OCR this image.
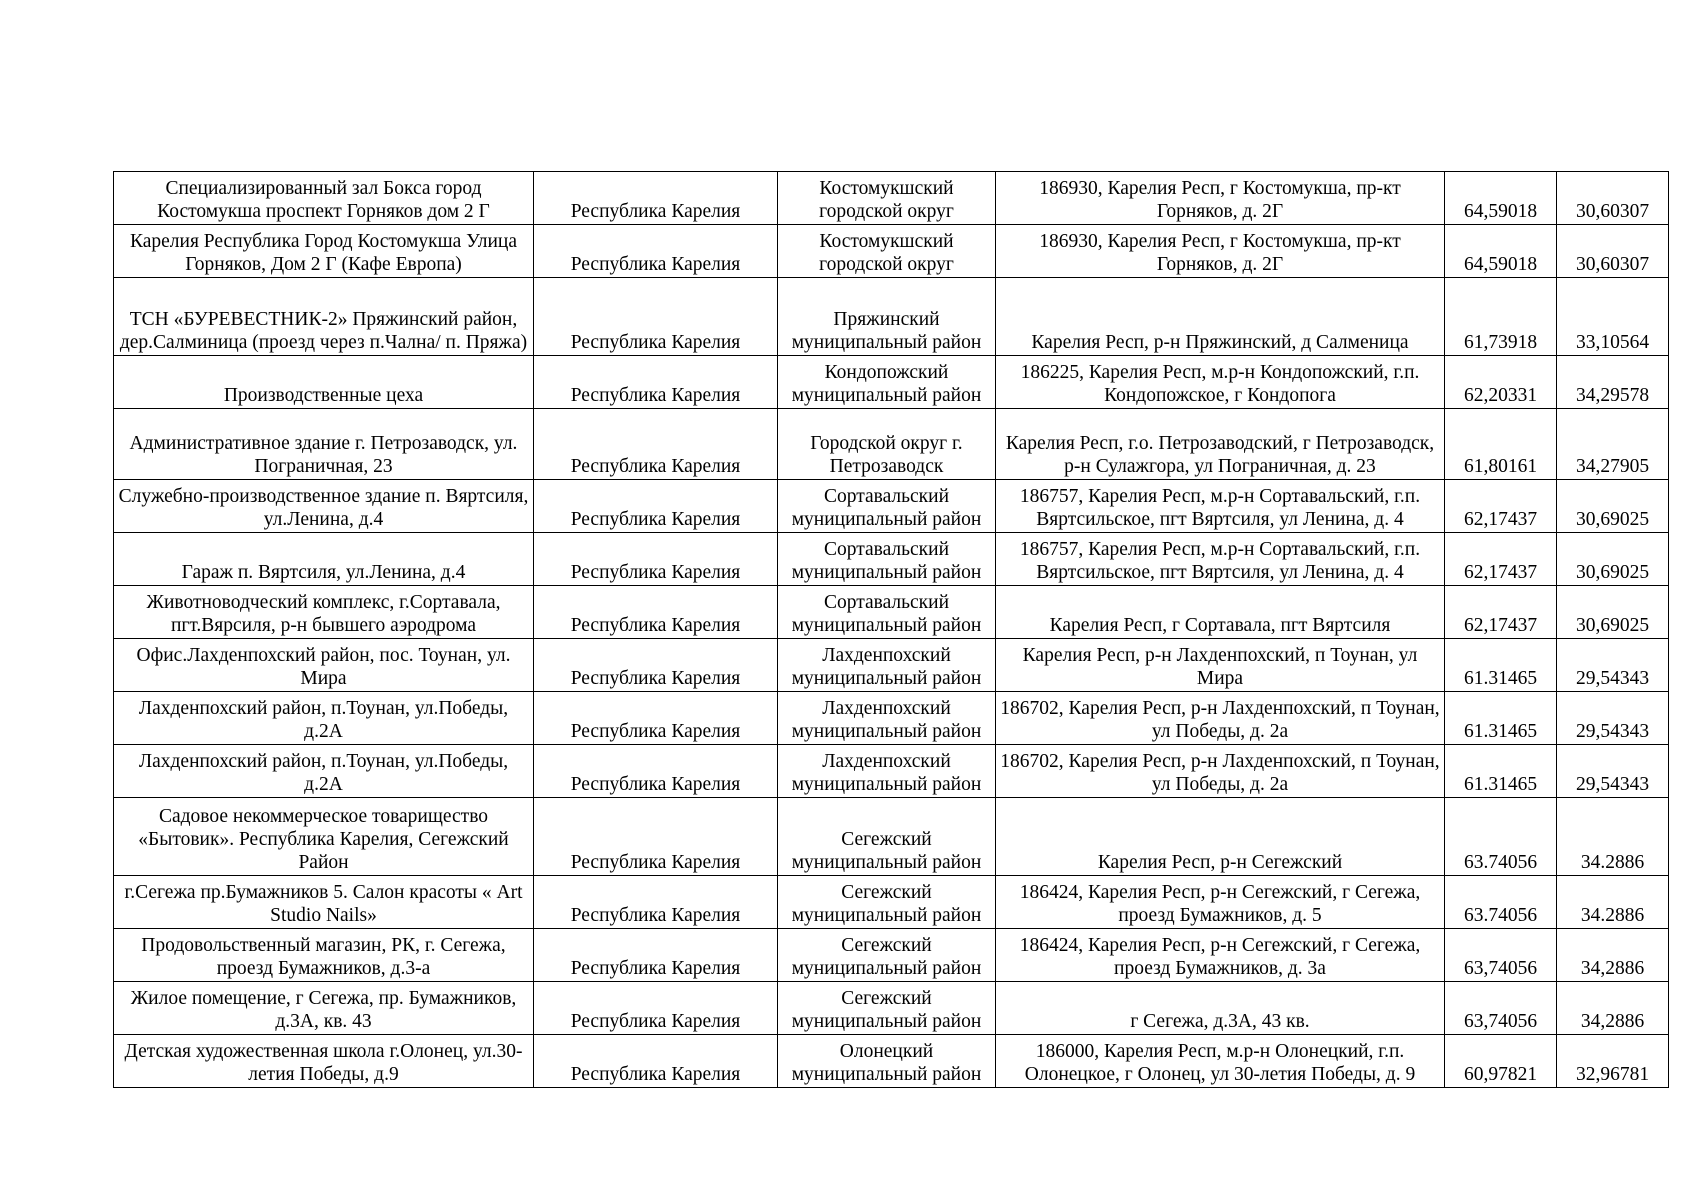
Специализированный зал Бокса город Костомукша проспект Горняков дом 2 Г	Республика Карелия	Костомукшский городской округ	186930, Карелия Респ, г Костомукша, пр-кт Горняков, д. 2Г	64,59018	30,60307
Карелия Республика Город Костомукша Улица Горняков, Дом 2 Г (Кафе Европа)	Республика Карелия	Костомукшский городской округ	186930, Карелия Респ, г Костомукша, пр-кт Горняков, д. 2Г	64,59018	30,60307
ТСН «БУРЕВЕСТНИК-2» Пряжинский район, дер.Салминица (проезд через п.Чална/ п. Пряжа)	Республика Карелия	Пряжинский муниципальный район	Карелия Респ, р-н Пряжинский, д Салменица	61,73918	33,10564
Производственные цеха	Республика Карелия	Кондопожский муниципальный район	186225, Карелия Респ, м.р-н Кондопожский, г.п. Кондопожское, г Кондопога	62,20331	34,29578
Административное здание г. Петрозаводск, ул. Пограничная, 23	Республика Карелия	Городской округ г. Петрозаводск	Карелия Респ, г.о. Петрозаводский, г Петрозаводск, р-н Сулажгора, ул Пограничная, д. 23	61,80161	34,27905
Служебно-производственное здание п. Вяртсиля, ул.Ленина, д.4	Республика Карелия	Сортавальский муниципальный район	186757, Карелия Респ, м.р-н Сортавальский, г.п. Вяртсильское, пгт Вяртсиля, ул Ленина, д. 4	62,17437	30,69025
Гараж п. Вяртсиля, ул.Ленина, д.4	Республика Карелия	Сортавальский муниципальный район	186757, Карелия Респ, м.р-н Сортавальский, г.п. Вяртсильское, пгт Вяртсиля, ул Ленина, д. 4	62,17437	30,69025
Животноводческий комплекс, г.Сортавала, пгт.Вярсиля, р-н бывшего аэродрома	Республика Карелия	Сортавальский муниципальный район	Карелия Респ, г Сортавала, пгт Вяртсиля	62,17437	30,69025
Офис.Лахденпохский район, пос. Тоунан, ул. Мира	Республика Карелия	Лахденпохский муниципальный район	Карелия Респ, р-н Лахденпохский, п Тоунан, ул Мира	61.31465	29,54343
Лахденпохский район, п.Тоунан, ул.Победы, д.2А	Республика Карелия	Лахденпохский муниципальный район	186702, Карелия Респ, р-н Лахденпохский, п Тоунан, ул Победы, д. 2а	61.31465	29,54343
Лахденпохский район, п.Тоунан, ул.Победы, д.2А	Республика Карелия	Лахденпохский муниципальный район	186702, Карелия Респ, р-н Лахденпохский, п Тоунан, ул Победы, д. 2а	61.31465	29,54343
Садовое некоммерческое товарищество «Бытовик». Республика Карелия, Сегежский Район	Республика Карелия	Сегежский муниципальный район	Карелия Респ, р-н Сегежский	63.74056	34.2886
г.Сегежа пр.Бумажников 5. Салон красоты « Art Studio Nails»	Республика Карелия	Сегежский муниципальный район	186424, Карелия Респ, р-н Сегежский, г Сегежа, проезд Бумажников, д. 5	63.74056	34.2886
Продовольственный магазин, РК, г. Сегежа, проезд Бумажников, д.3-а	Республика Карелия	Сегежский муниципальный район	186424, Карелия Респ, р-н Сегежский, г Сегежа, проезд Бумажников, д. 3а	63,74056	34,2886
Жилое помещение, г Сегежа, пр. Бумажников, д.3А, кв. 43	Республика Карелия	Сегежский муниципальный район	г Сегежа, д.3А, 43 кв.	63,74056	34,2886
Детская художественная школа г.Олонец, ул.30-летия Победы, д.9	Республика Карелия	Олонецкий муниципальный район	186000, Карелия Респ, м.р-н Олонецкий, г.п. Олонецкое, г Олонец, ул 30-летия Победы, д. 9	60,97821	32,96781
